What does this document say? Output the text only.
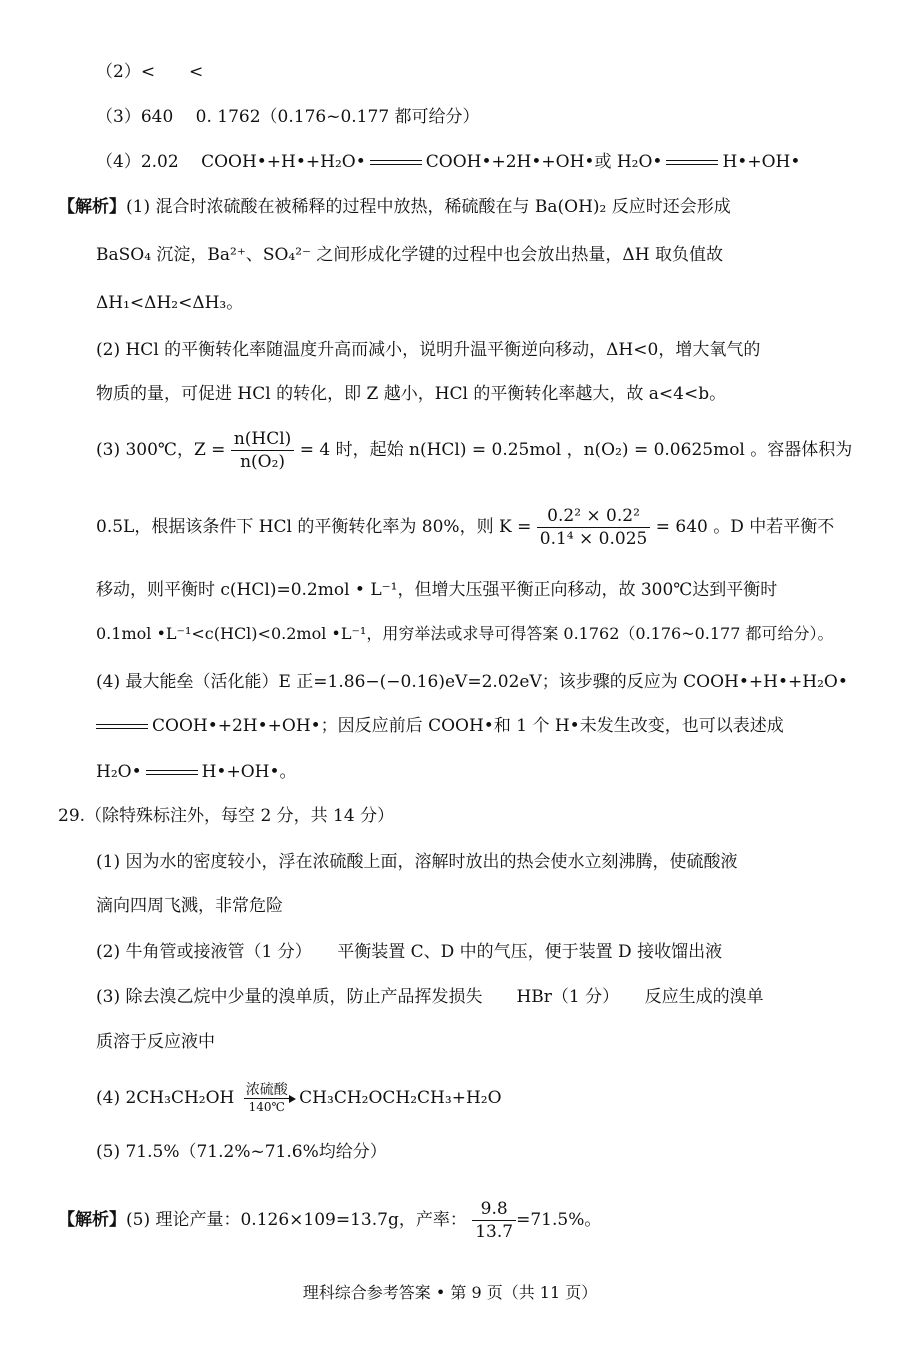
（2）<　　<
（3）640　 0. 1762（0.176~0.177 都可给分）
（4）2.02　 COOH•+H•+H₂O•	COOH•+2H•+OH•或 H₂O•	H•+OH•
【解析】(1) 混合时浓硫酸在被稀释的过程中放热，稀硫酸在与 Ba(OH)₂ 反应时还会形成
BaSO₄ 沉淀，Ba²⁺、SO₄²⁻ 之间形成化学键的过程中也会放出热量，ΔH 取负值故
ΔH₁<ΔH₂<ΔH₃。
(2) HCl 的平衡转化率随温度升高而减小，说明升温平衡逆向移动，ΔH<0，增大氧气的
物质的量，可促进 HCl 的转化，即 Z 越小，HCl 的平衡转化率越大，故 a<4<b。
(3) 300℃，$Z = \frac{\text{n(HCl)}}{\text{n(O₂)}} = 4$ 时，起始 n(HCl) = 0.25mol ，n(O₂) = 0.0625mol 。容器体积为
0.5L，根据该条件下 HCl 的平衡转化率为 80%，则 $K = \frac{\text{0.2² × 0.2²}}{\text{0.1⁴ × 0.025}} = 640$ 。D 中若平衡不
移动，则平衡时 c(HCl)=0.2mol • L⁻¹，但增大压强平衡正向移动，故 300℃达到平衡时
0.1mol •L⁻¹<c(HCl)<0.2mol •L⁻¹，用穷举法或求导可得答案 0.1762（0.176~0.177 都可给分）。
(4) 最大能垒（活化能）E 正=1.86−(−0.16)eV=2.02eV；该步骤的反应为 COOH•+H•+H₂O•
COOH•+2H•+OH•；因反应前后 COOH•和 1 个 H•未发生改变，也可以表述成
H₂O•	H•+OH•。
29.（除特殊标注外，每空 2 分，共 14 分）
(1) 因为水的密度较小，浮在浓硫酸上面，溶解时放出的热会使水立刻沸腾，使硫酸液
滴向四周飞溅，非常危险
(2) 牛角管或接液管（1 分）　　平衡装置 C、D 中的气压，便于装置 D 接收馏出液
(3) 除去溴乙烷中少量的溴单质，防止产品挥发损失　　HBr（1 分）　　反应生成的溴单
质溶于反应液中
(4) 2CH₃CH₂OH 浓硫酸
140℃ CH₃CH₂OCH₂CH₃+H₂O
(5) 71.5%（71.2%~71.6%均给分）
【解析】(5) 理论产量：0.126×109=13.7g，产率： $\frac{9.8}{13.7} =71.5\%$。
理科综合参考答案 • 第 9 页（共 11 页）
